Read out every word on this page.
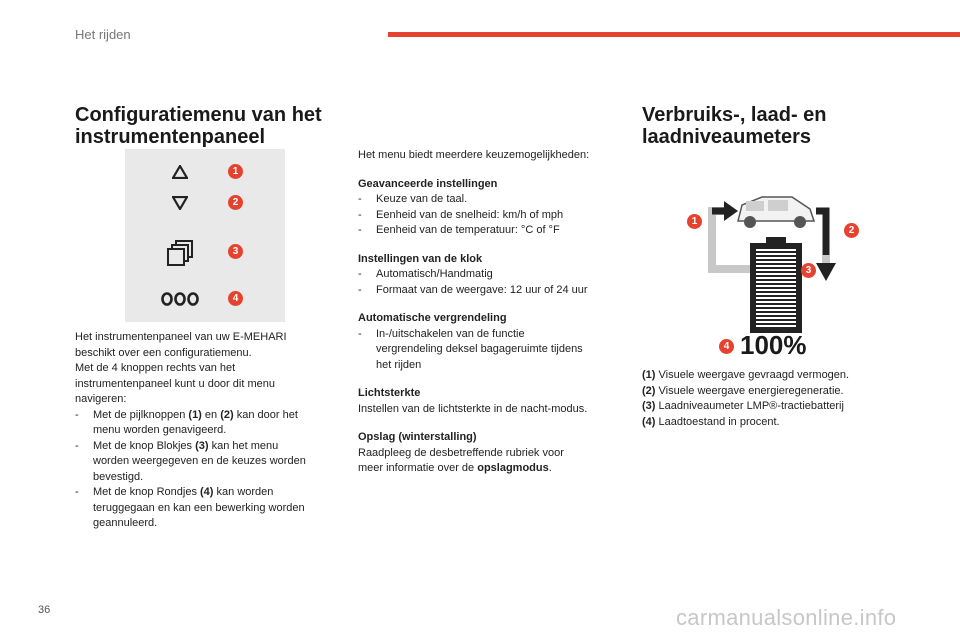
Het rijden
Configuratiemenu van het
instrumentenpaneel
1
2
3
4

Het instrumentenpaneel van uw E-MEHARI

beschikt over een configuratiemenu.

Met de 4 knoppen rechts van het

instrumentenpaneel kunt u door dit menu

navigeren:

- Met de pijlknoppen (1) en (2) kan door het
menu worden genavigeerd.
- Met de knop Blokjes (3) kan het menu
worden weergegeven en de keuzes worden
bevestigd.
- Met de knop Rondjes (4) kan worden
teruggegaan en kan een bewerking worden
geannuleerd.

Het menu biedt meerdere keuzemogelijkheden:

Geavanceerde instellingen

- Keuze van de taal.
- Eenheid van de snelheid: km/h of mph
- Eenheid van de temperatuur: °C of °F

Instellingen van de klok

- Automatisch/Handmatig
- Formaat van de weergave: 12 uur of 24 uur

Automatische vergrendeling

- In-/uitschakelen van de functie
vergrendeling deksel bagageruimte tijdens
het rijden

Lichtsterkte

Instellen van de lichtsterkte in de nacht-modus.

Opslag (winterstalling)

Raadpleeg de desbetreffende rubriek voor
meer informatie over de opslagmodus.

Verbruiks-, laad- en
laadniveaumeters
1
2
3
4 100%
(1) Visuele weergave gevraagd vermogen.
(2) Visuele weergave energieregeneratie.
(3) Laadniveaumeter LMP®-tractiebatterij
(4) Laadtoestand in procent.
36	carmanualsonline.info
